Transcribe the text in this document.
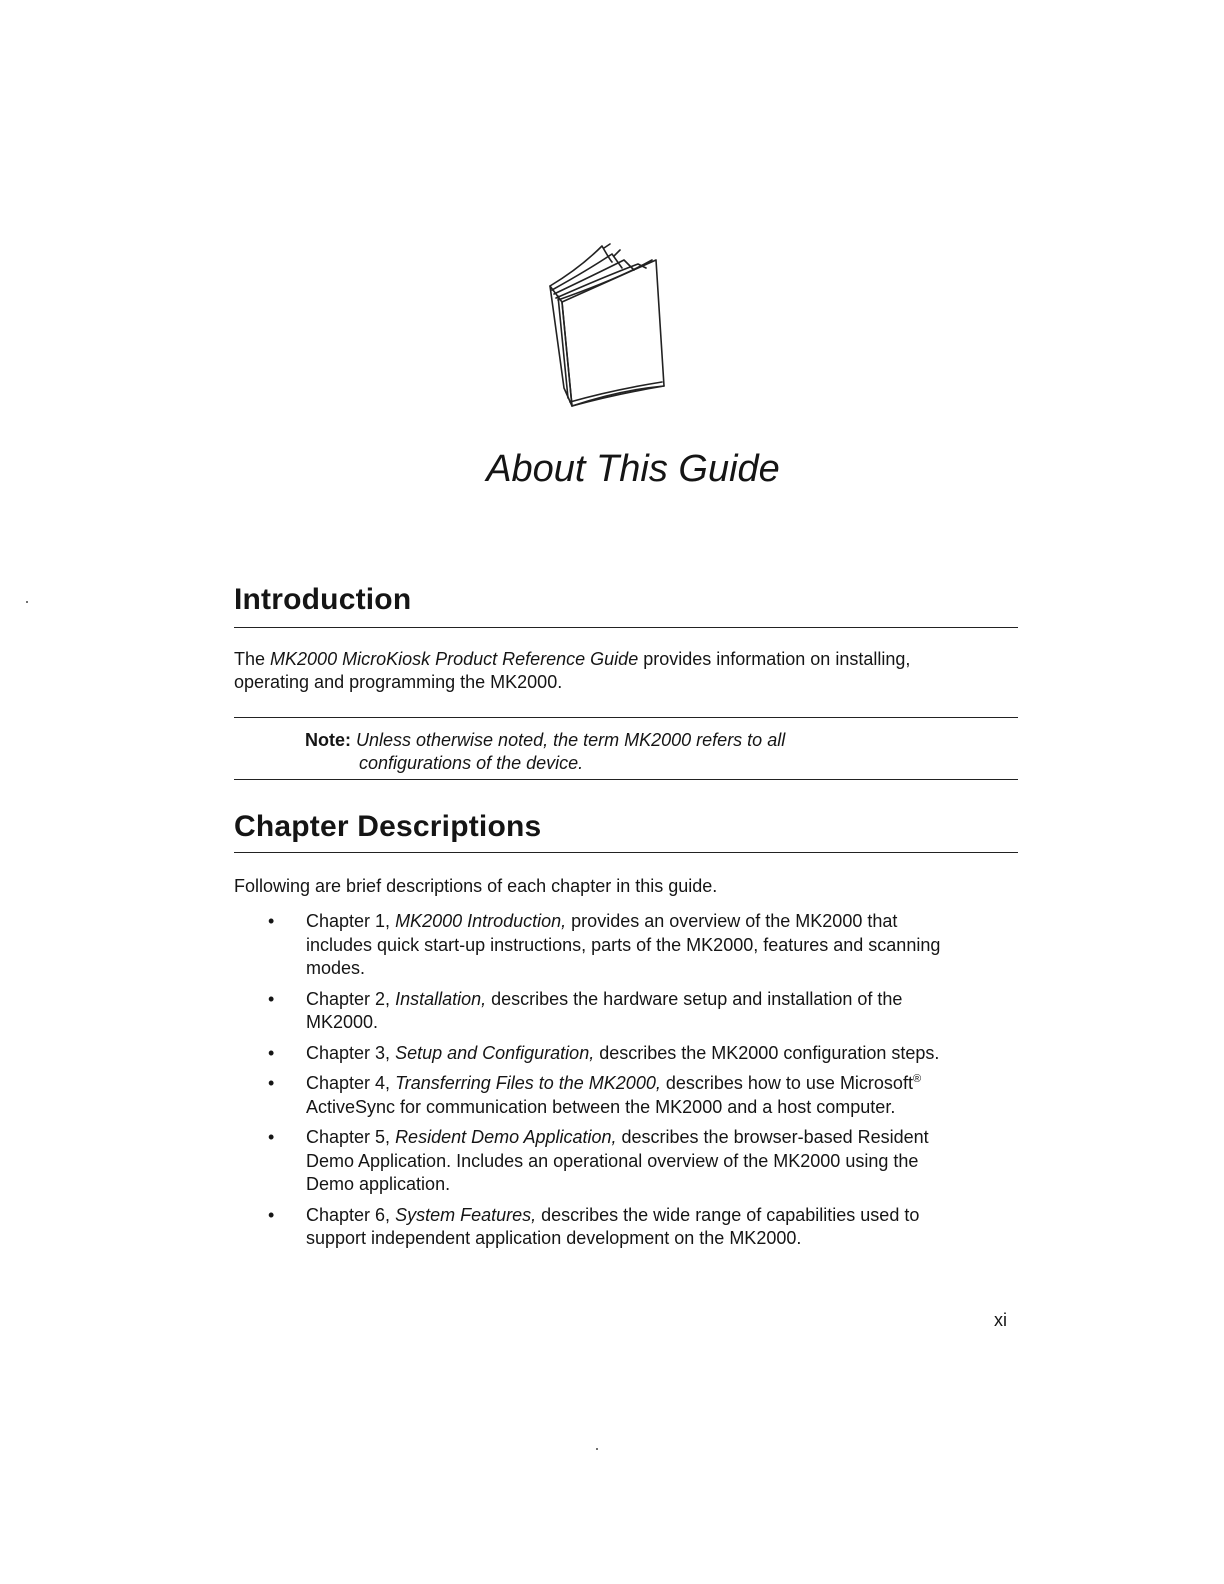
About This Guide
Introduction

The MK2000 MicroKiosk Product Reference Guide provides information on installing,
operating and programming the MK2000.

Note: Unless otherwise noted, the term MK2000 refers to all
configurations of the device.

Chapter Descriptions

Following are brief descriptions of each chapter in this guide.

• Chapter 1, MK2000 Introduction, provides an overview of the MK2000 that
includes quick start-up instructions, parts of the MK2000, features and scanning
modes.
• Chapter 2, Installation, describes the hardware setup and installation of the
MK2000.
• Chapter 3, Setup and Configuration, describes the MK2000 configuration steps.
• Chapter 4, Transferring Files to the MK2000, describes how to use Microsoft®
ActiveSync for communication between the MK2000 and a host computer.
• Chapter 5, Resident Demo Application, describes the browser-based Resident
Demo Application. Includes an operational overview of the MK2000 using the
Demo application.
• Chapter 6, System Features, describes the wide range of capabilities used to
support independent application development on the MK2000.
xi
